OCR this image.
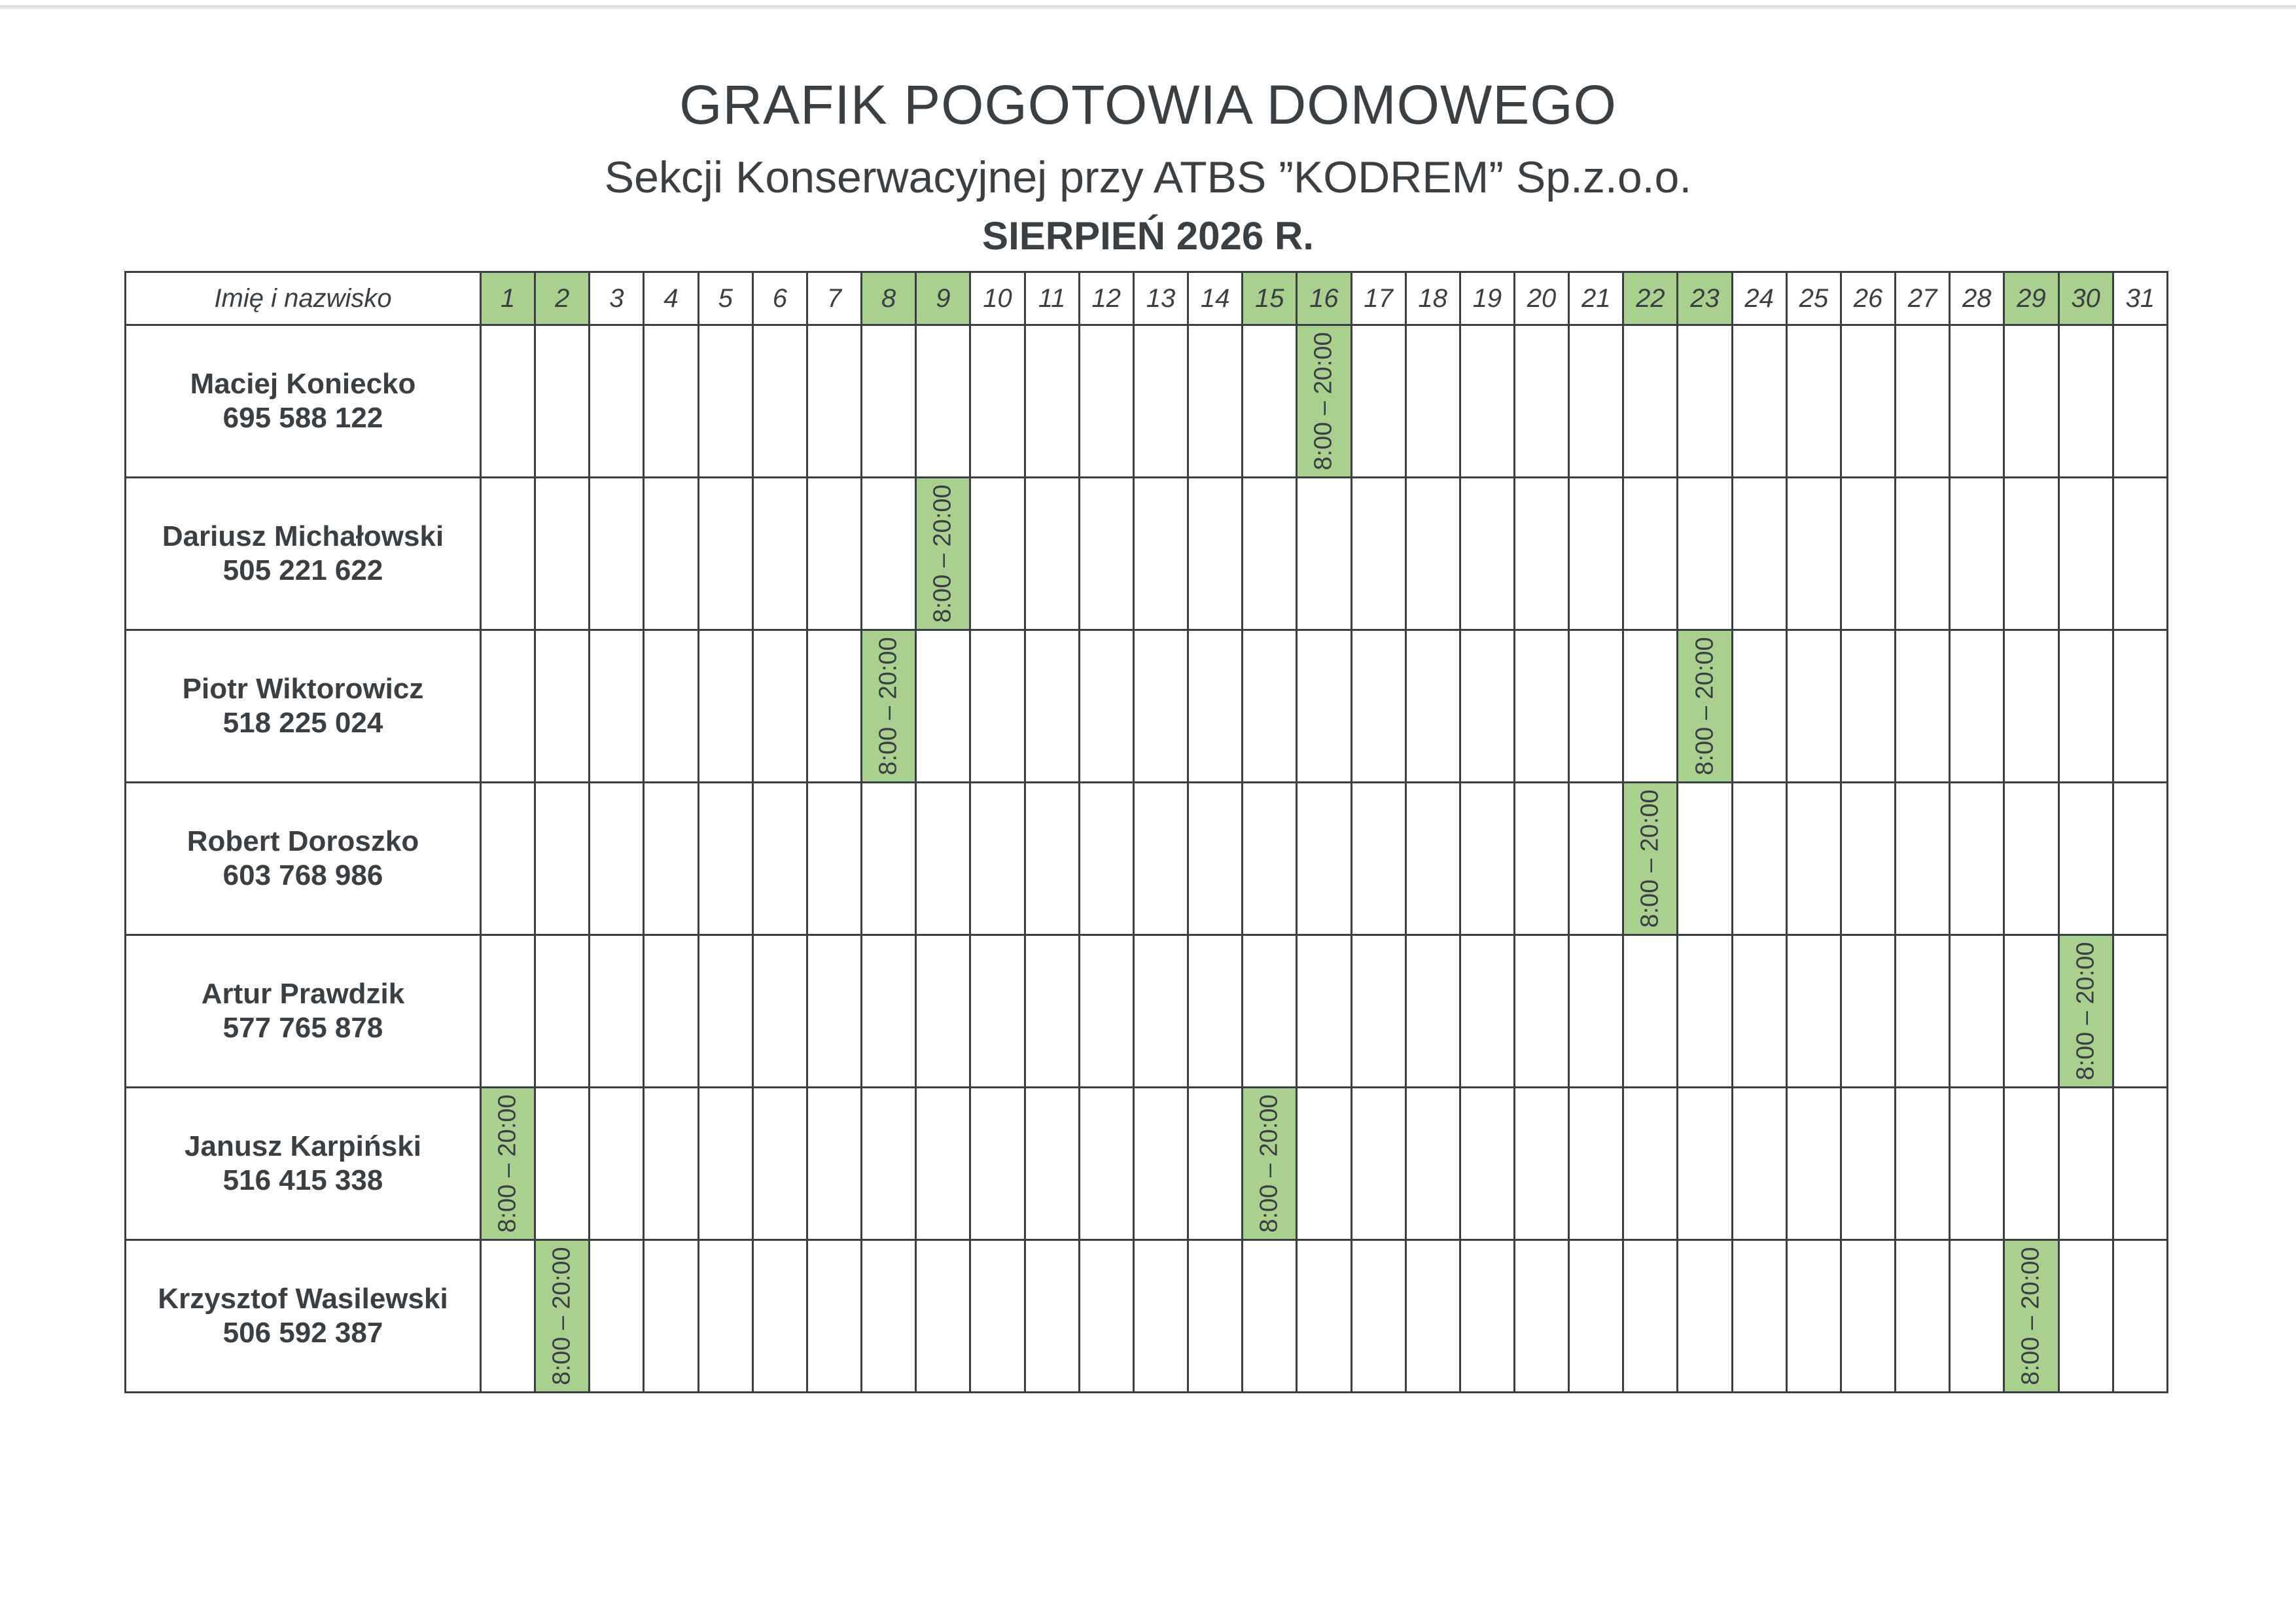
GRAFIK POGOTOWIA DOMOWEGO
Sekcji Konserwacyjnej przy ATBS ”KODREM” Sp.z.o.o.
SIERPIEŃ 2026 R.
Imię i nazwisko	1	2	3	4	5	6	7	8	9	10	11	12	13	14	15	16	17	18	19	20	21	22	23	24	25	26	27	28	29	30	31

Maciej Koniecko
695 588 122																8:00 – 20:00															

Dariusz Michałowski
505 221 622									8:00 – 20:00																						

Piotr Wiktorowicz
518 225 024								8:00 – 20:00															8:00 – 20:00								

Robert Doroszko
603 768 986																						8:00 – 20:00									

Artur Prawdzik
577 765 878																														8:00 – 20:00	

Janusz Karpiński
516 415 338	8:00 – 20:00														8:00 – 20:00																

Krzysztof Wasilewski
506 592 387		8:00 – 20:00																											8:00 – 20:00		
